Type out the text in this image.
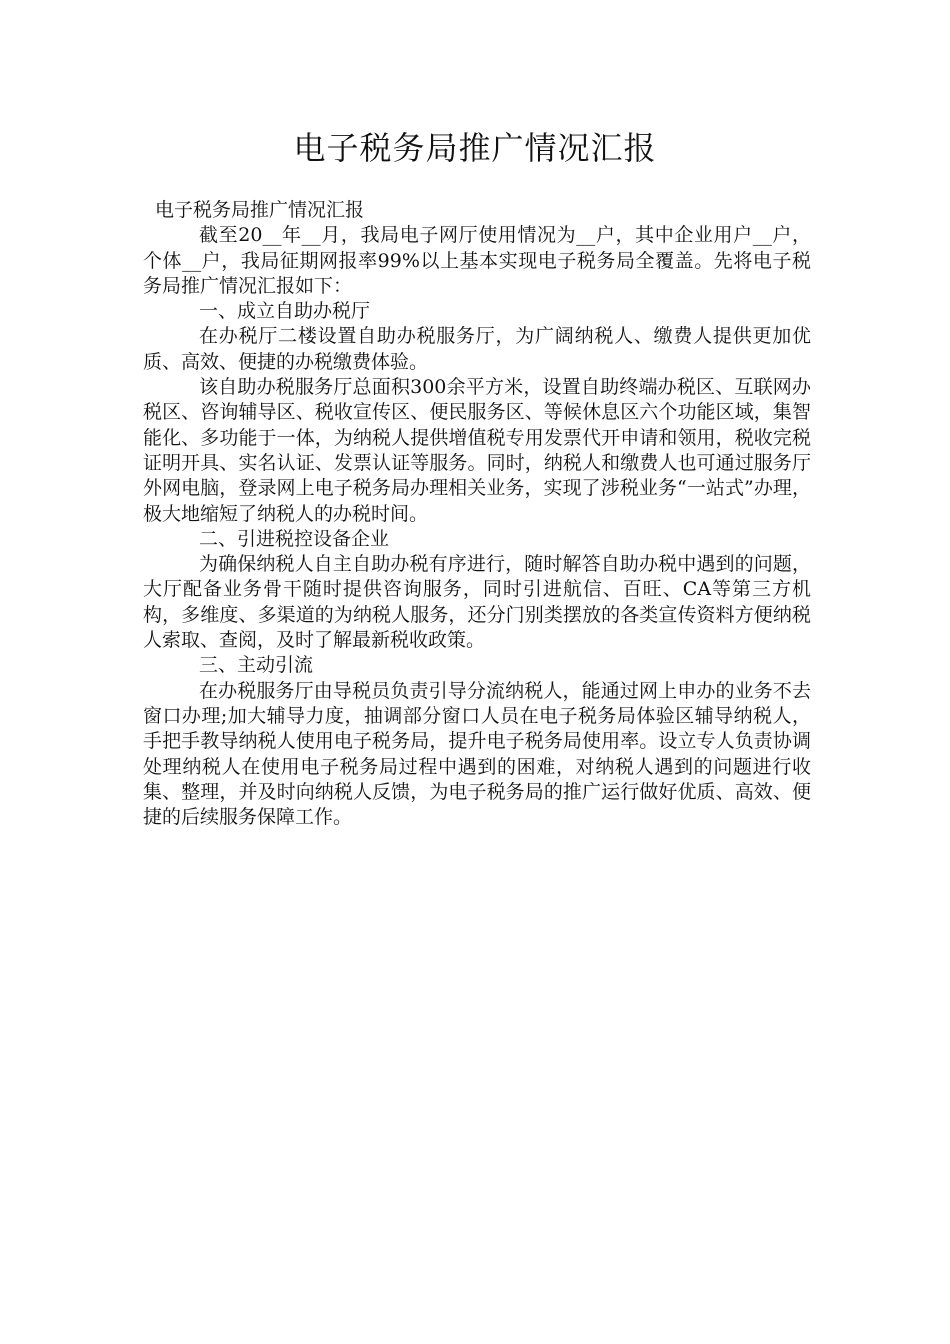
电子税务局推广情况汇报

电子税务局推广情况汇报

截至20__年__月，我局电子网厅使用情况为__户，其中企业用户__户，个体__户，我局征期网报率99%以上基本实现电子税务局全覆盖。先将电子税务局推广情况汇报如下：

一、成立自助办税厅

在办税厅二楼设置自助办税服务厅，为广阔纳税人、缴费人提供更加优质、高效、便捷的办税缴费体验。

该自助办税服务厅总面积300余平方米，设置自助终端办税区、互联网办税区、咨询辅导区、税收宣传区、便民服务区、等候休息区六个功能区域，集智能化、多功能于一体，为纳税人提供增值税专用发票代开申请和领用，税收完税证明开具、实名认证、发票认证等服务。同时，纳税人和缴费人也可通过服务厅外网电脑，登录网上电子税务局办理相关业务，实现了涉税业务“一站式”办理，极大地缩短了纳税人的办税时间。

二、引进税控设备企业

为确保纳税人自主自助办税有序进行，随时解答自助办税中遇到的问题，大厅配备业务骨干随时提供咨询服务，同时引进航信、百旺、CA等第三方机构，多维度、多渠道的为纳税人服务，还分门别类摆放的各类宣传资料方便纳税人索取、查阅，及时了解最新税收政策。

三、主动引流

在办税服务厅由导税员负责引导分流纳税人，能通过网上申办的业务不去窗口办理;加大辅导力度，抽调部分窗口人员在电子税务局体验区辅导纳税人，手把手教导纳税人使用电子税务局，提升电子税务局使用率。设立专人负责协调处理纳税人在使用电子税务局过程中遇到的困难，对纳税人遇到的问题进行收集、整理，并及时向纳税人反馈，为电子税务局的推广运行做好优质、高效、便捷的后续服务保障工作。
